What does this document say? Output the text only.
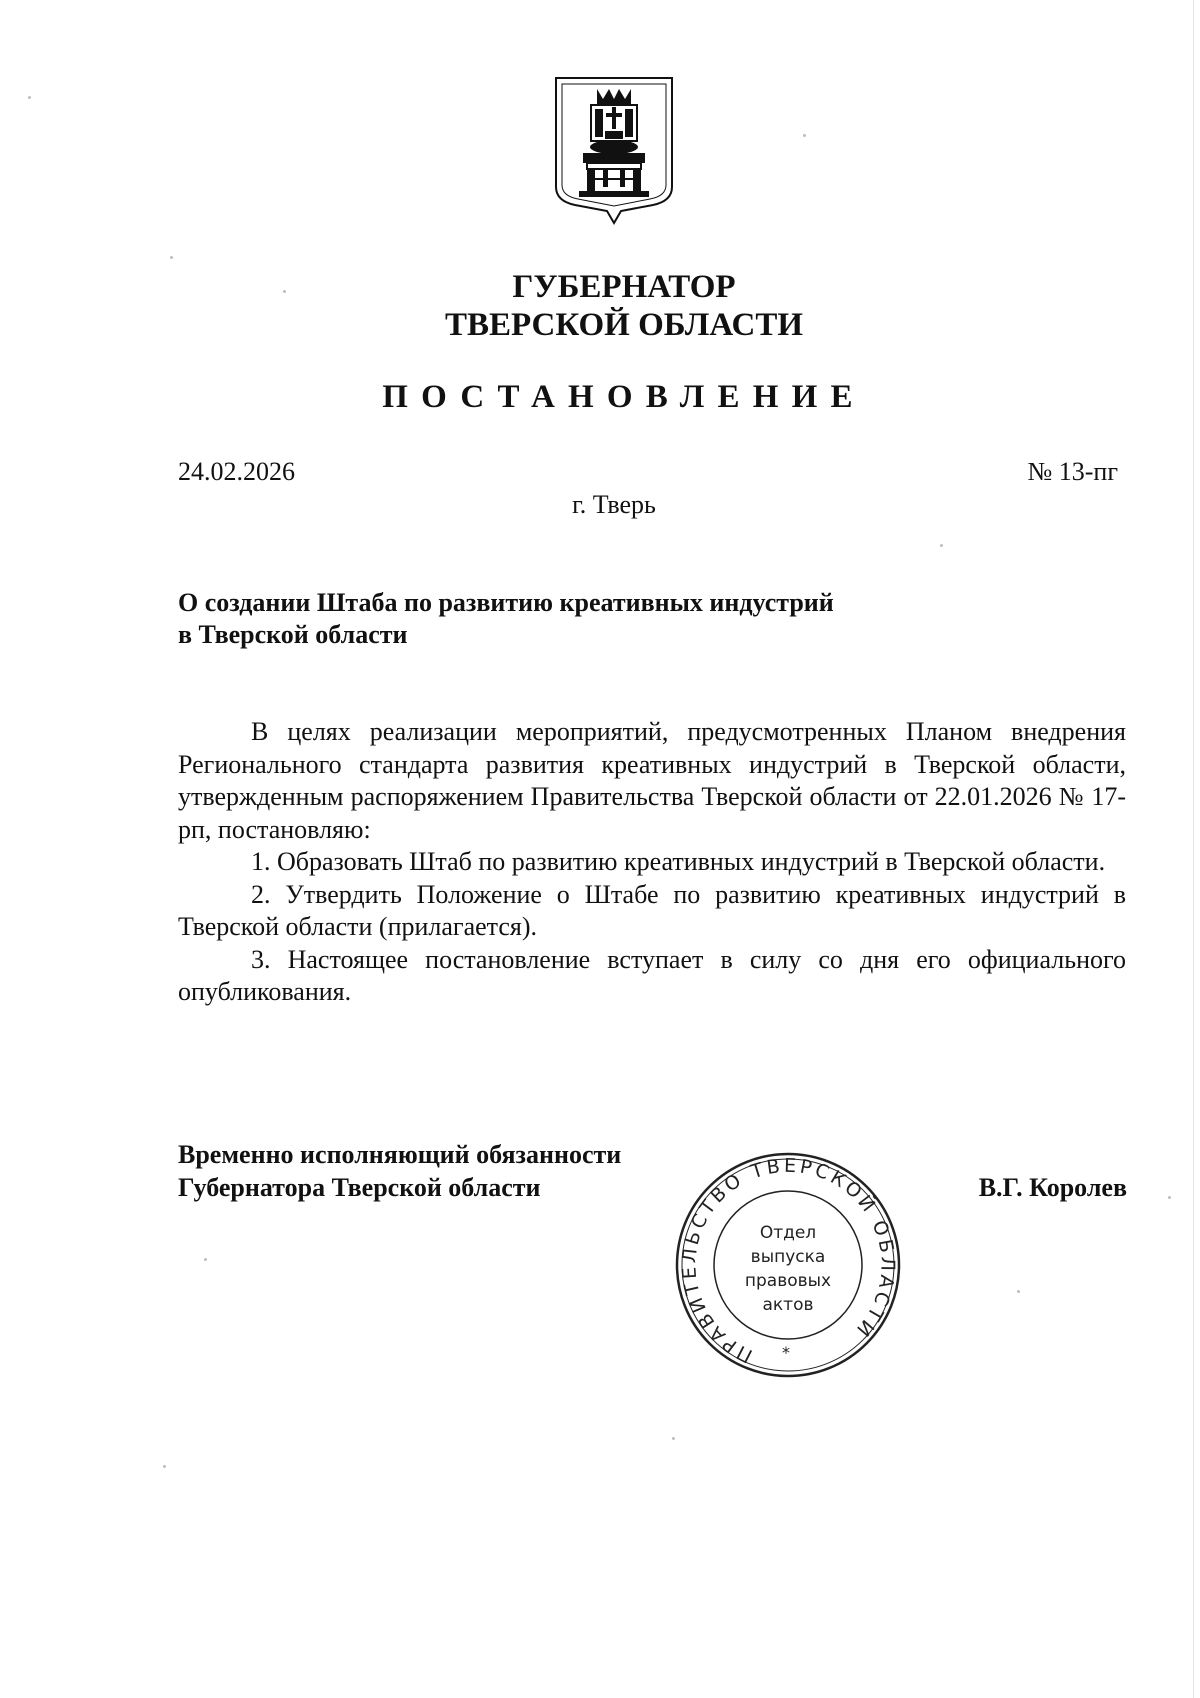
ГУБЕРНАТОР
ТВЕРСКОЙ ОБЛАСТИ
ПОСТАНОВЛЕНИЕ
24.02.2026	№ 13-пг
г. Тверь
О создании Штаба по развитию креативных индустрий
в Тверской области

В целях реализации мероприятий, предусмотренных Планом внедрения Регионального стандарта развития креативных индустрий в Тверской области, утвержденным распоряжением Правительства Тверской области от 22.01.2026 № 17-рп, постановляю:

1. Образовать Штаб по развитию креативных индустрий в Тверской области.

2. Утвердить Положение о Штабе по развитию креативных индустрий в Тверской области (прилагается).

3. Настоящее постановление вступает в силу со дня его официального опубликования.

Временно исполняющий обязанности
Губернатора Тверской области	В.Г. Королев
ПРАВИТЕЛЬСТВО ТВЕРСКОЙ ОБЛАСТИ
Отдел
выпуска
правовых
актов
*
